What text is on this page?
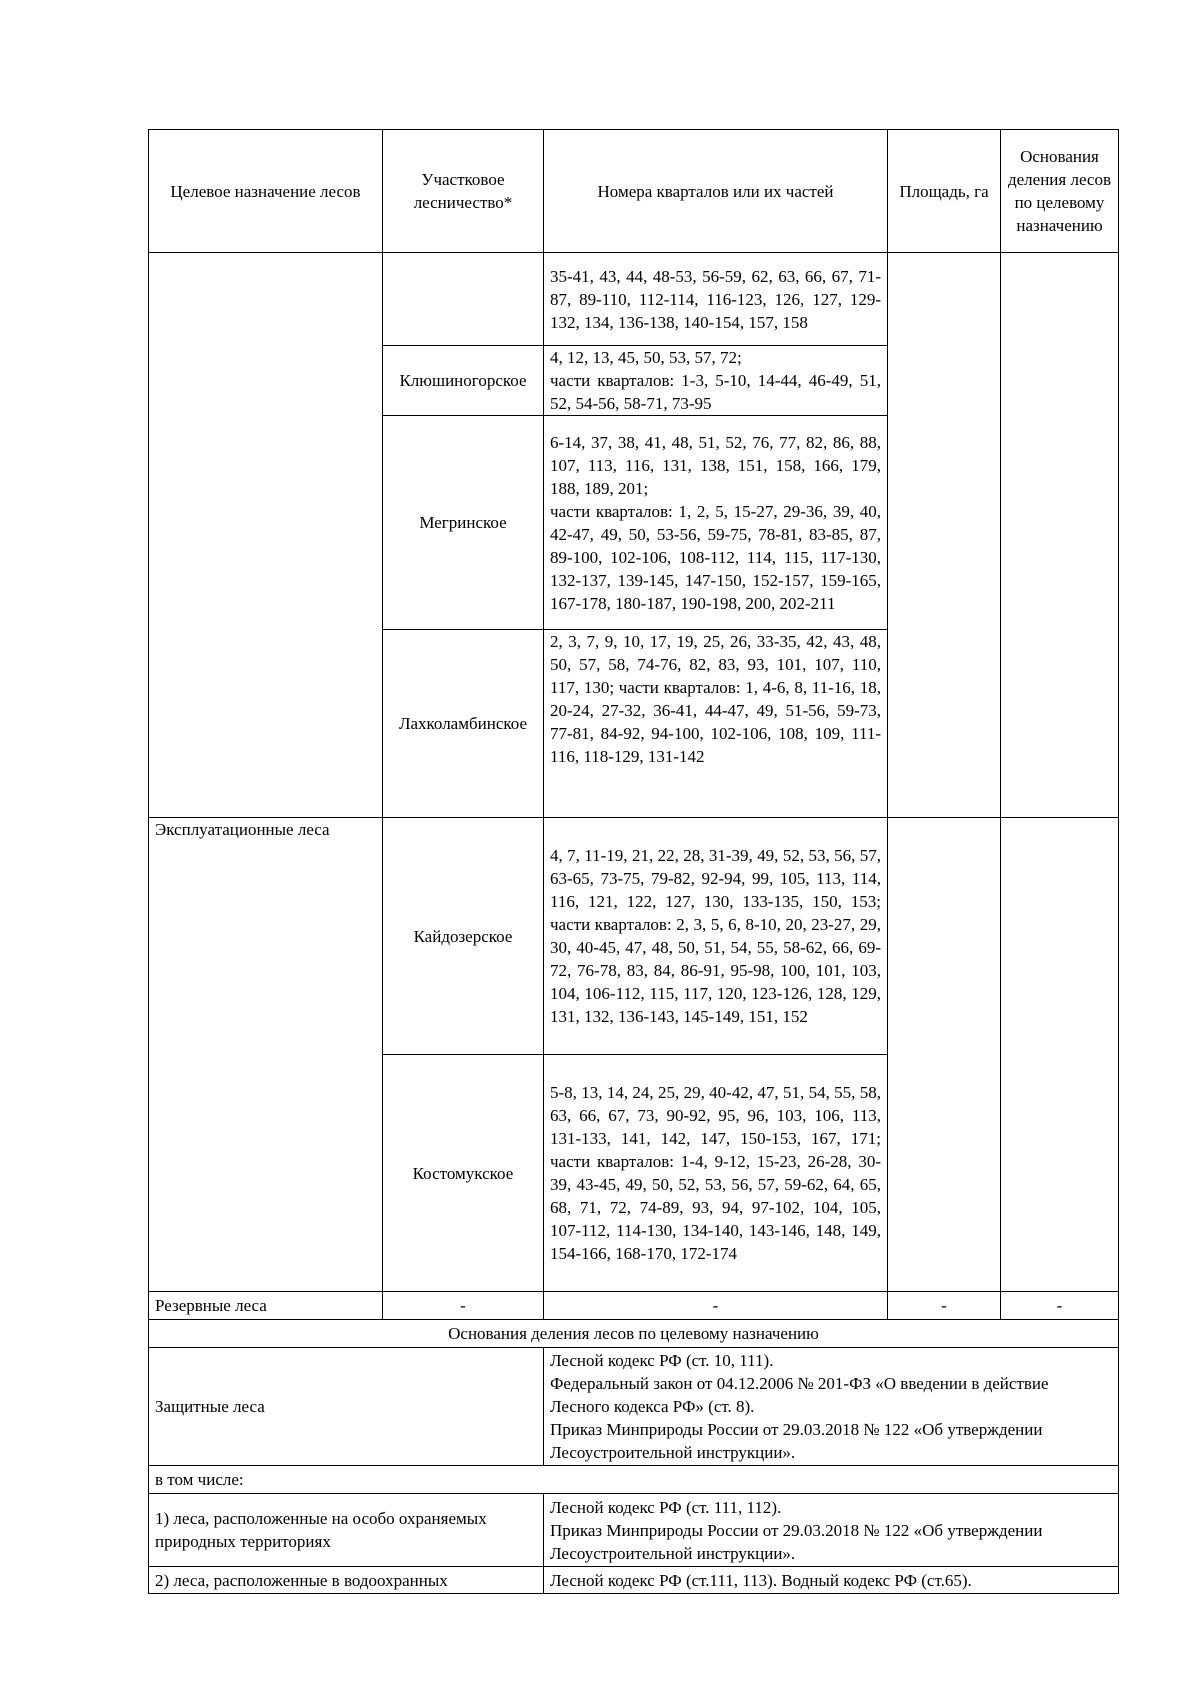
Целевое назначение лесов	Участковое лесничество*	Номера кварталов или их частей	Площадь, га	Основания деления лесов по целевому назначению
		35-41, 43, 44, 48-53, 56-59, 62, 63, 66, 67, 71-87, 89-110, 112-114, 116-123, 126, 127, 129-132, 134, 136-138, 140-154, 157, 158		
	Клюшиногорское	4, 12, 13, 45, 50, 53, 57, 72;
части кварталов: 1-3, 5-10, 14-44, 46-49, 51, 52, 54-56, 58-71, 73-95		

	Мегринское	6-14, 37, 38, 41, 48, 51, 52, 76, 77, 82, 86, 88, 107, 113, 116, 131, 138, 151, 158, 166, 179, 188, 189, 201;
части кварталов: 1, 2, 5, 15-27, 29-36, 39, 40, 42-47, 49, 50, 53-56, 59-75, 78-81, 83-85, 87, 89-100, 102-106, 108-112, 114, 115, 117-130, 132-137, 139-145, 147-150, 152-157, 159-165, 167-178, 180-187, 190-198, 200, 202-211		

	Лахколамбинское	2, 3, 7, 9, 10, 17, 19, 25, 26, 33-35, 42, 43, 48, 50, 57, 58, 74-76, 82, 83, 93, 101, 107, 110, 117, 130; части кварталов: 1, 4-6, 8, 11-16, 18, 20-24, 27-32, 36-41, 44-47, 49, 51-56, 59-73, 77-81, 84-92, 94-100, 102-106, 108, 109, 111-116, 118-129, 131-142		
Эксплуатационные леса	Кайдозерское	4, 7, 11-19, 21, 22, 28, 31-39, 49, 52, 53, 56, 57, 63-65, 73-75, 79-82, 92-94, 99, 105, 113, 114, 116, 121, 122, 127, 130, 133-135, 150, 153; части кварталов: 2, 3, 5, 6, 8-10, 20, 23-27, 29, 30, 40-45, 47, 48, 50, 51, 54, 55, 58-62, 66, 69-72, 76-78, 83, 84, 86-91, 95-98, 100, 101, 103, 104, 106-112, 115, 117, 120, 123-126, 128, 129, 131, 132, 136-143, 145-149, 151, 152		
	Костомукское	5-8, 13, 14, 24, 25, 29, 40-42, 47, 51, 54, 55, 58, 63, 66, 67, 73, 90-92, 95, 96, 103, 106, 113, 131-133, 141, 142, 147, 150-153, 167, 171; части кварталов: 1-4, 9-12, 15-23, 26-28, 30-39, 43-45, 49, 50, 52, 53, 56, 57, 59-62, 64, 65, 68, 71, 72, 74-89, 93, 94, 97-102, 104, 105, 107-112, 114-130, 134-140, 143-146, 148, 149, 154-166, 168-170, 172-174		
Резервные леса	-	-	-	-
Основания деления лесов по целевому назначению				
Защитные леса		Лесной кодекс РФ (ст. 10, 111).
Федеральный закон от 04.12.2006 № 201-ФЗ «О введении в действие Лесного кодекса РФ» (ст. 8).
Приказ Минприроды России от 29.03.2018 № 122 «Об утверждении Лесоустроительной инструкции».		

в том числе:				
1) леса, расположенные на особо охраняемых природных территориях		Лесной кодекс РФ (ст. 111, 112).
Приказ Минприроды России от 29.03.2018 № 122 «Об утверждении Лесоустроительной инструкции».		

2) леса, расположенные в водоохранных		Лесной кодекс РФ (ст.111, 113). Водный кодекс РФ (ст.65).		
